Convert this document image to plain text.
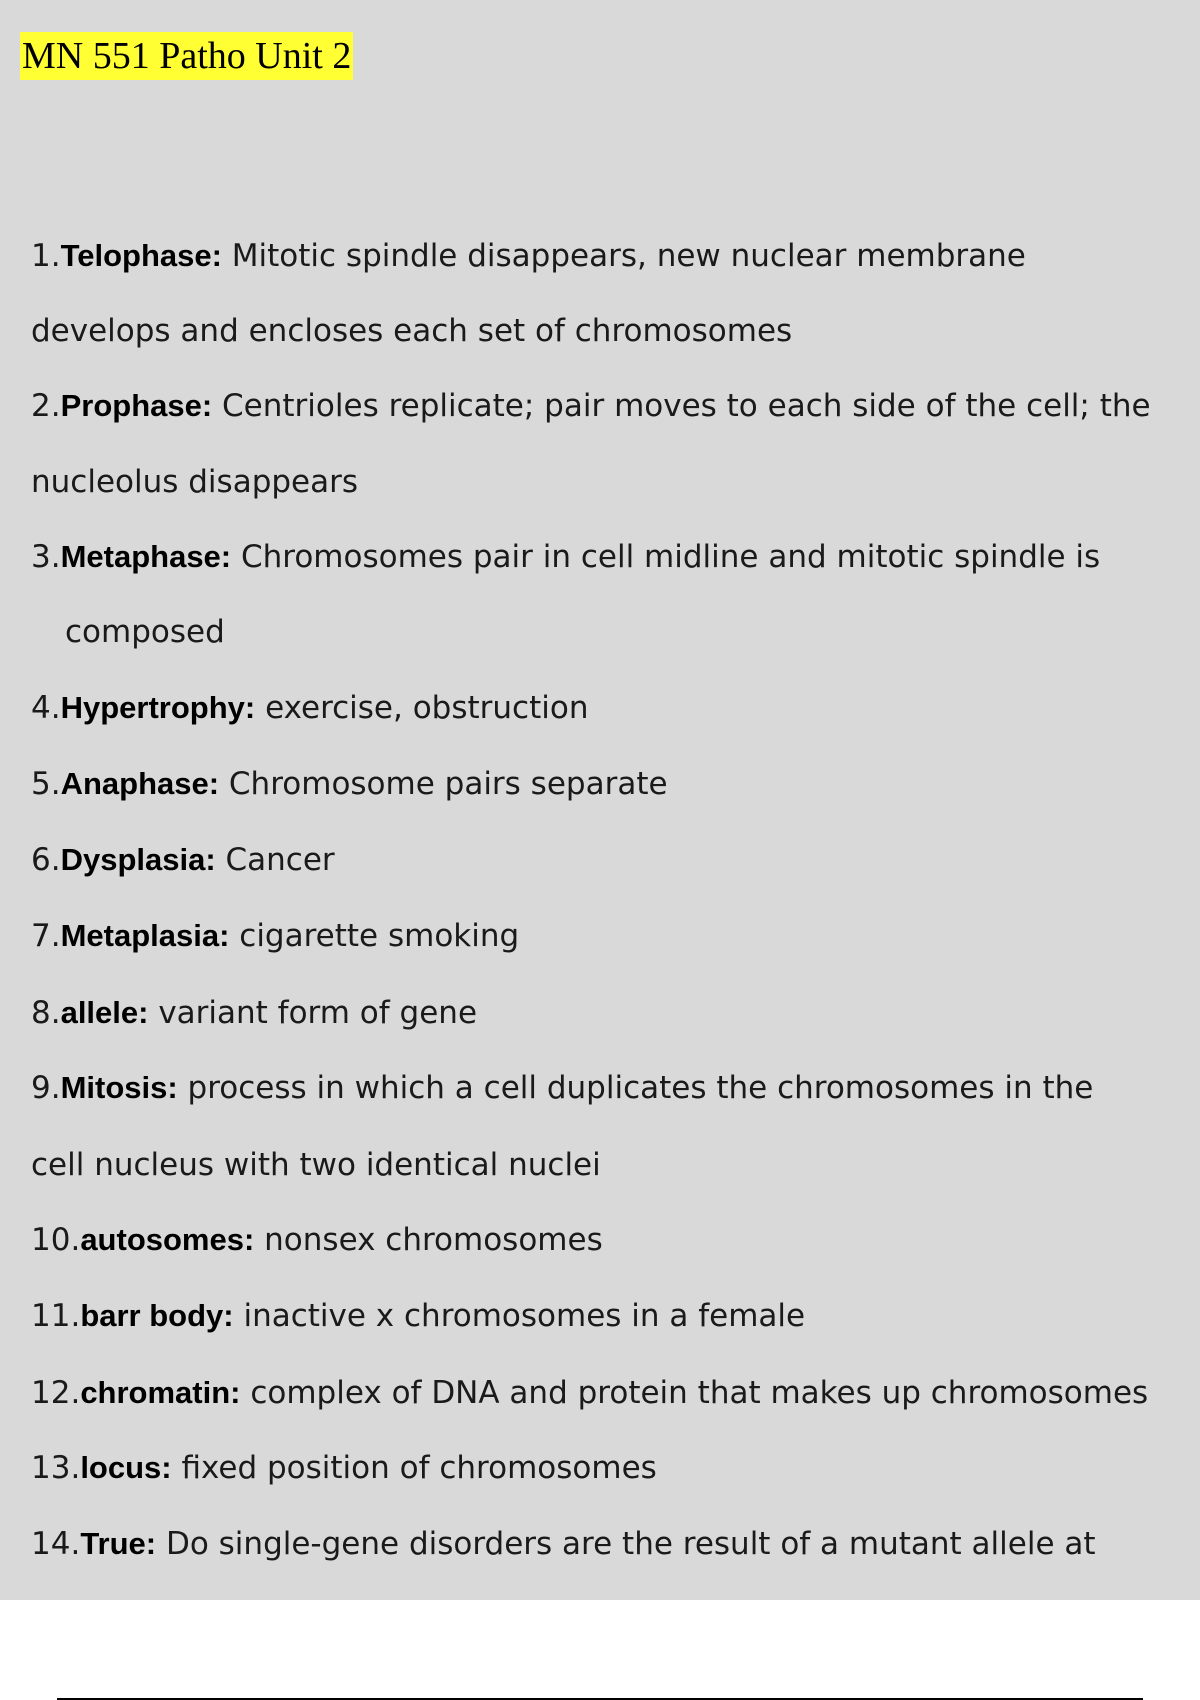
MN 551 Patho Unit 2
1.Telophase: Mitotic spindle disappears, new nuclear membrane
develops and encloses each set of chromosomes
2.Prophase: Centrioles replicate; pair moves to each side of the cell; the
nucleolus disappears
3.Metaphase: Chromosomes pair in cell midline and mitotic spindle is
composed
4.Hypertrophy: exercise, obstruction
5.Anaphase: Chromosome pairs separate
6.Dysplasia: Cancer
7.Metaplasia: cigarette smoking
8.allele: variant form of gene
9.Mitosis: process in which a cell duplicates the chromosomes in the
cell nucleus with two identical nuclei
10.autosomes: nonsex chromosomes
11.barr body: inactive x chromosomes in a female
12.chromatin: complex of DNA and protein that makes up chromosomes
13.locus: fixed position of chromosomes
14.True: Do single-gene disorders are the result of a mutant allele at
